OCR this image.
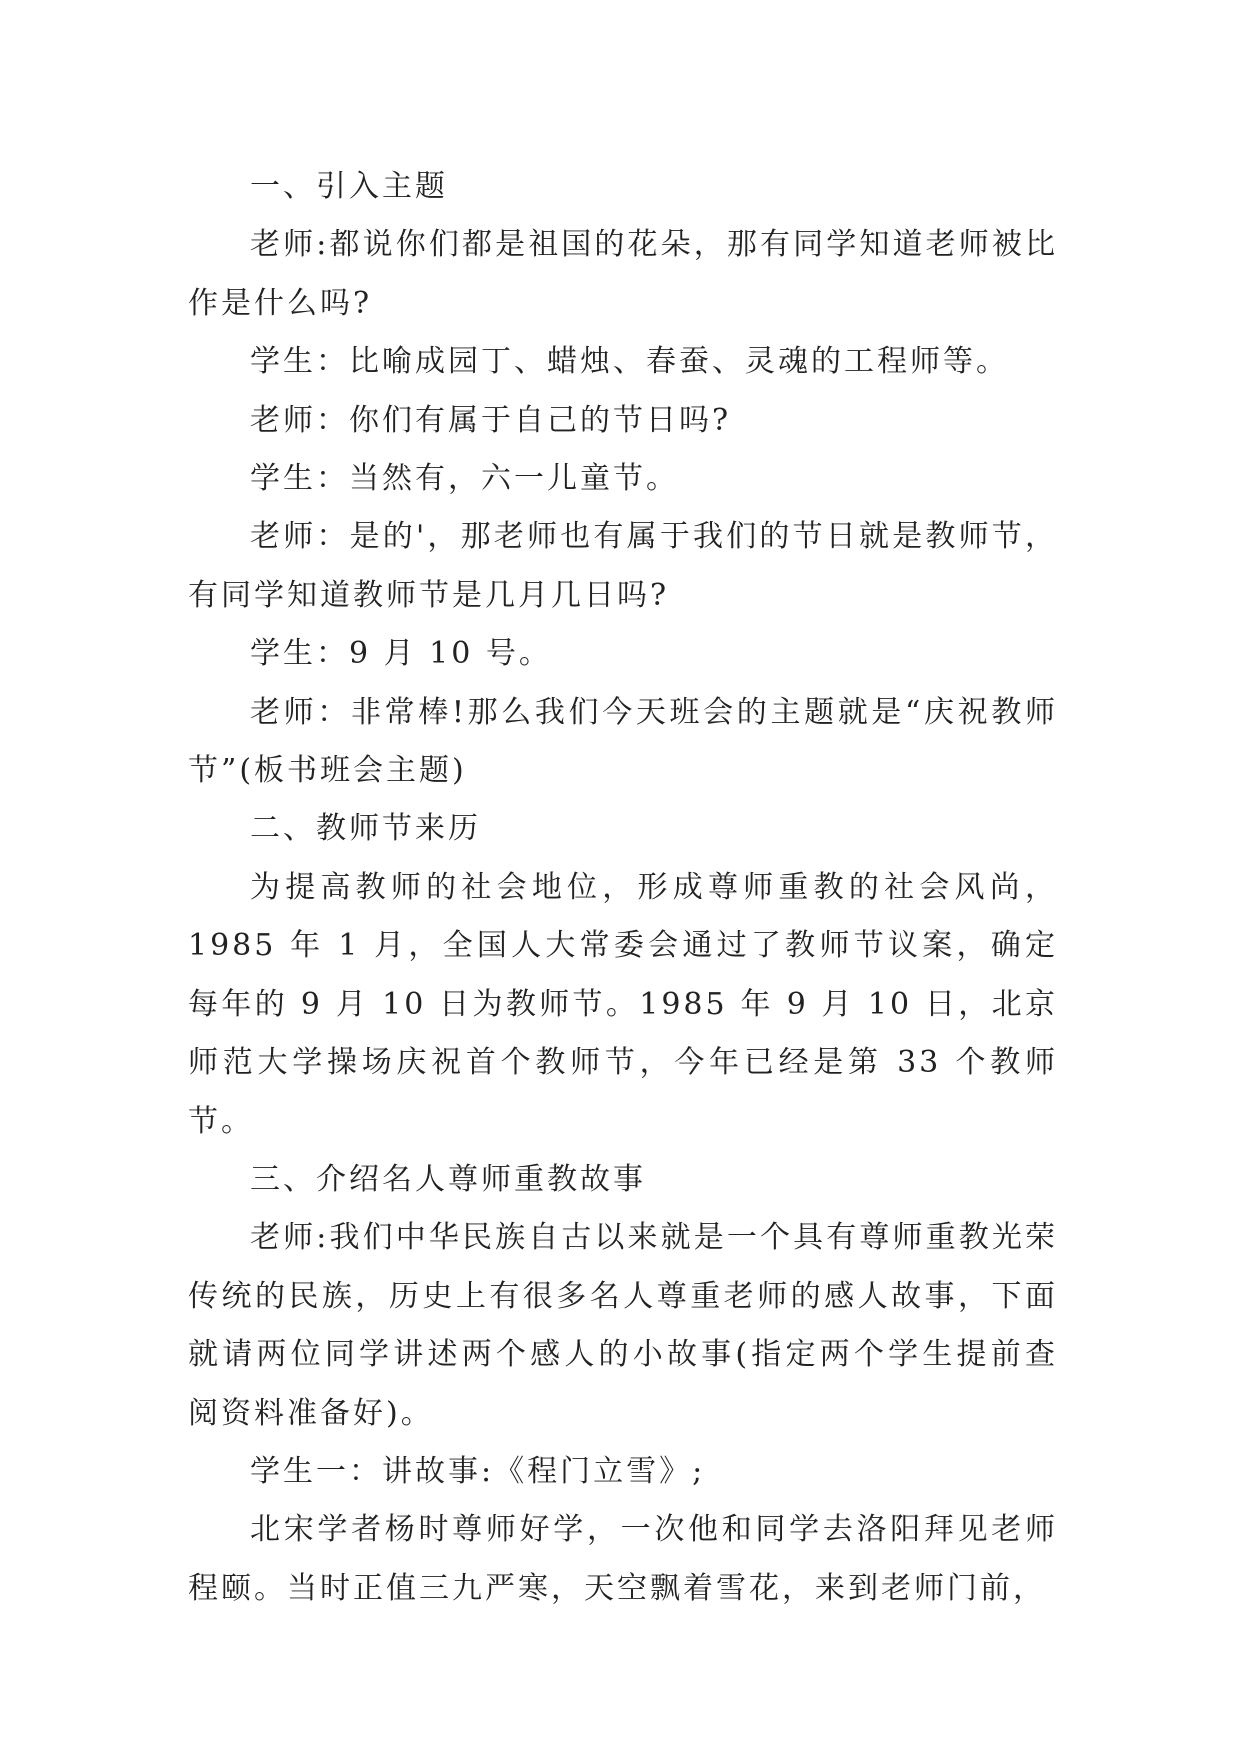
一、引入主题

老师:都说你们都是祖国的花朵，那有同学知道老师被比作是什么吗?

学生：比喻成园丁、蜡烛、春蚕、灵魂的工程师等。

老师：你们有属于自己的节日吗?

学生：当然有，六一儿童节。

老师：是的'，那老师也有属于我们的节日就是教师节，有同学知道教师节是几月几日吗?

学生：9 月 10 号。

老师：非常棒!那么我们今天班会的主题就是“庆祝教师节”(板书班会主题)

二、教师节来历

为提高教师的社会地位，形成尊师重教的社会风尚，1985 年 1 月，全国人大常委会通过了教师节议案，确定每年的 9 月 10 日为教师节。1985 年 9 月 10 日，北京师范大学操场庆祝首个教师节，今年已经是第 33 个教师节。

三、介绍名人尊师重教故事

老师:我们中华民族自古以来就是一个具有尊师重教光荣传统的民族，历史上有很多名人尊重老师的感人故事，下面就请两位同学讲述两个感人的小故事(指定两个学生提前查阅资料准备好)。

学生一：讲故事:《程门立雪》;

北宋学者杨时尊师好学，一次他和同学去洛阳拜见老师程颐。当时正值三九严寒，天空飘着雪花，来到老师门前，
